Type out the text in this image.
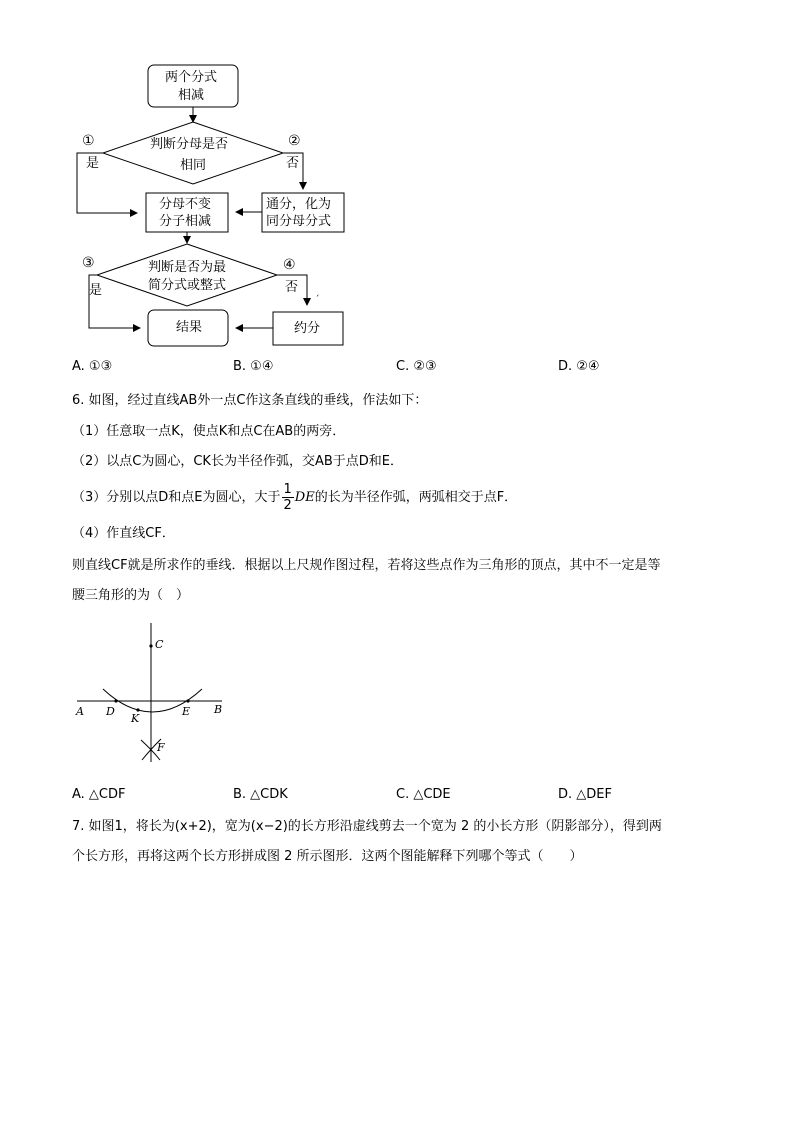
ˊ
两个分式
相减
判断分母是否
相同
①
是
②
否
分母不变
分子相减
通分，化为
同分母分式
判断是否为最
简分式或整式
③
是
④
否
结果	约分
A. ①③	B. ①④	C. ②③	D. ②④
6. 如图，经过直线AB外一点C作这条直线的垂线，作法如下：
（1）任意取一点K，使点K和点C在AB的两旁．
（2）以点C为圆心，CK长为半径作弧，交AB于点D和E．
（3）分别以点D和点E为圆心，大于 $\frac{1}{2}$ DE的长为半径作弧，两弧相交于点F．
（4）作直线CF．
则直线CF就是所求作的垂线．根据以上尺规作图过程，若将这些点作为三角形的顶点，其中不一定是等
腰三角形的为（　）
C
A D
K
E B
F
A. △CDF	B. △CDK	C. △CDE	D. △DEF
7. 如图1，将长为(x+2)，宽为(x−2)的长方形沿虚线剪去一个宽为 2 的小长方形（阴影部分），得到两
个长方形，再将这两个长方形拼成图 2 所示图形．这两个图能解释下列哪个等式（　　）
